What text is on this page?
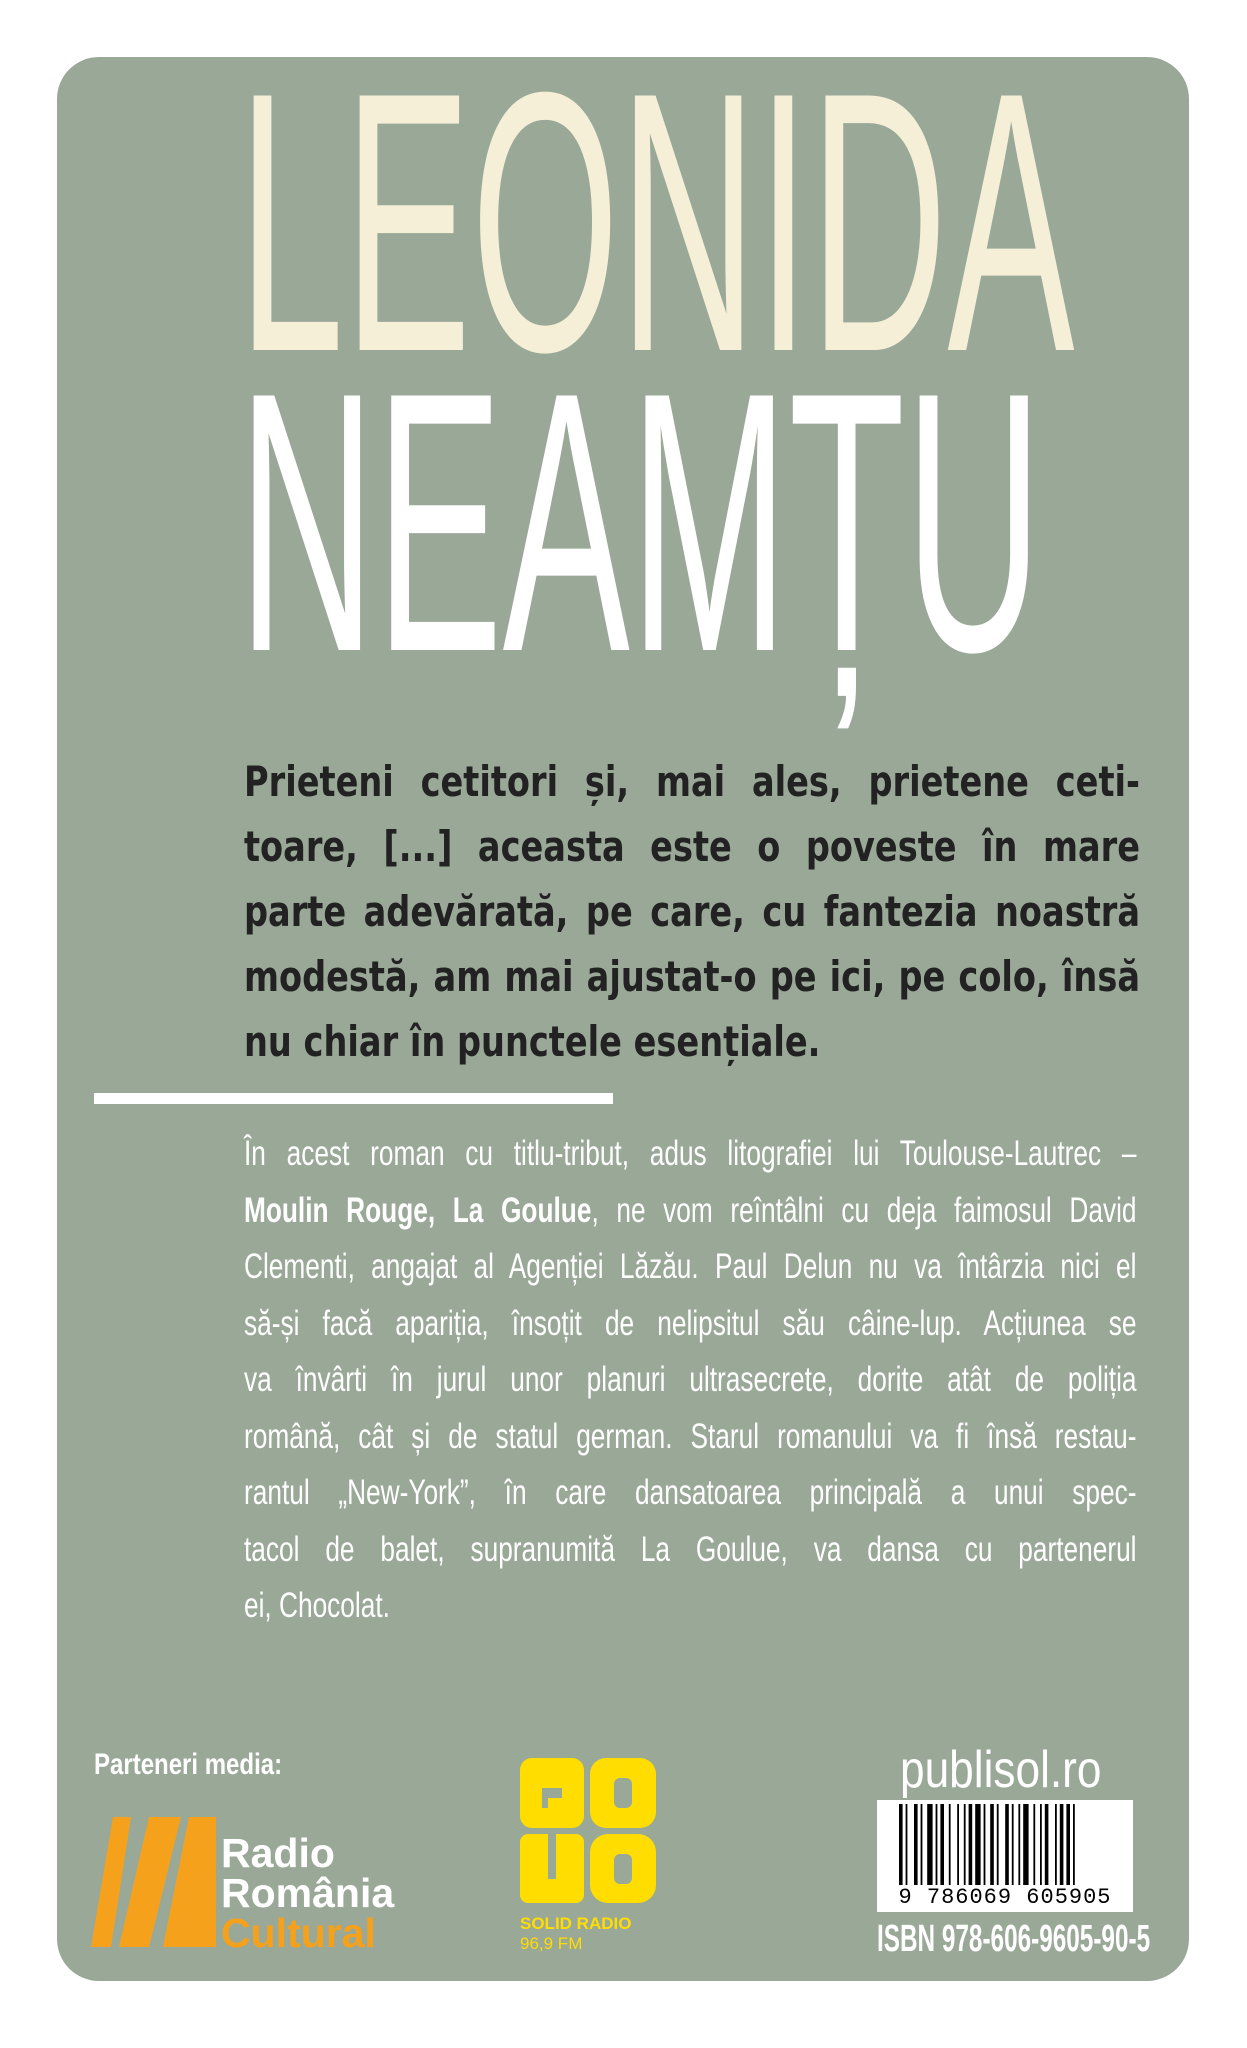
LEONIDA
NEAMȚU
Prieteni cetitori și, mai ales, prietene ceti-
toare, [...] aceasta este o poveste în mare
parte adevărată, pe care, cu fantezia noastră
modestă, am mai ajustat-o pe ici, pe colo, însă
nu chiar în punctele esențiale.
În acest roman cu titlu-tribut, adus litografiei lui Toulouse-Lautrec –
Moulin Rouge, La Goulue, ne vom reîntâlni cu deja faimosul David
Clementi, angajat al Agenției Lăzău. Paul Delun nu va întârzia nici el
să-și facă apariția, însoțit de nelipsitul său câine-lup. Acțiunea se
va învârti în jurul unor planuri ultrasecrete, dorite atât de poliția
română, cât și de statul german. Starul romanului va fi însă restau-
rantul „New-York”, în care dansatoarea principală a unui spec-
tacol de balet, supranumită La Goulue, va dansa cu partenerul
ei, Chocolat.
Parteneri media:
Radio
România
Cultural	SOLID RADIO
96,9 FM
publisol.ro
9 786069 605905
ISBN 978-606-9605-90-5
